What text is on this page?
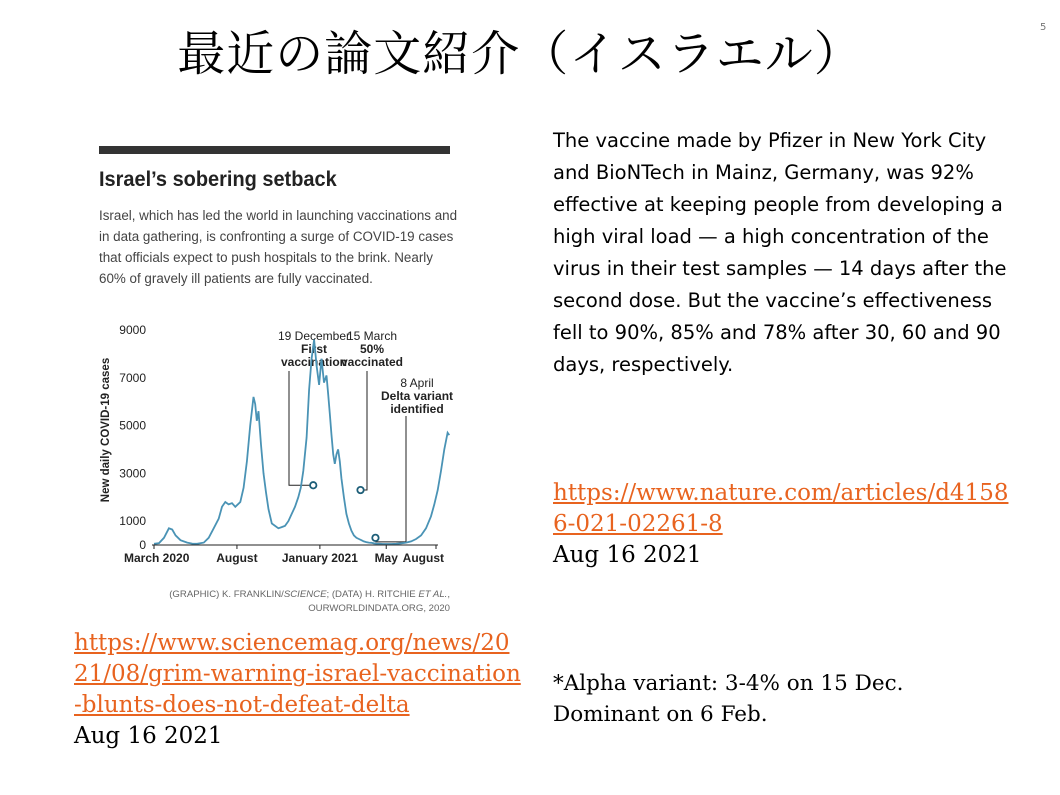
5
最近の論文紹介（イスラエル）
Israel’s sobering setback
Israel, which has led the world in launching vaccinations and in data gathering, is confronting a surge of COVID-19 cases that officials expect to push hospitals to the brink. Nearly 60% of gravely ill patients are fully vaccinated.
New daily COVID-19 cases
0
1000
3000
5000
7000
9000
March 2020 August January 2021 May August
19 December
First
vaccination
15 March
50%
vaccinated
8 April
Delta variant
identified
(GRAPHIC) K. FRANKLIN/SCIENCE; (DATA) H. RITCHIE ET AL.,
OURWORLDINDATA.ORG, 2020
The vaccine made by Pfizer in New York City and BioNTech in Mainz, Germany, was 92% effective at keeping people from developing a high viral load — a high concentration of the virus in their test samples — 14 days after the second dose. But the vaccine’s effectiveness fell to 90%, 85% and 78% after 30, 60 and 90 days, respectively.
https://www.nature.com/articles/d41586-021-02261-8
Aug 16 2021
https://www.sciencemag.org/news/2021/08/grim-warning-israel-vaccination-blunts-does-not-defeat-delta
Aug 16 2021
*Alpha variant: 3-4% on 15 Dec.
Dominant on 6 Feb.
